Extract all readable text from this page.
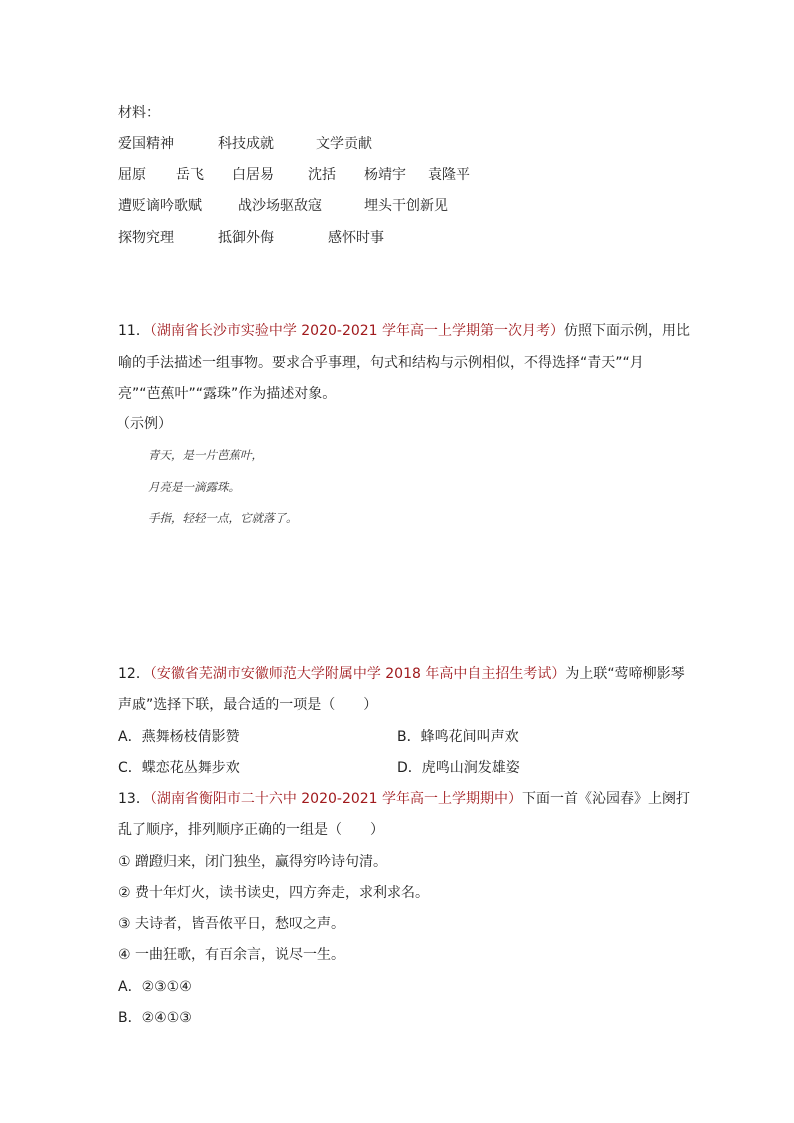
材料：
爱国精神	科技成就	文学贡献
屈原 岳飞 白居易 沈括 杨靖宇 袁隆平
遭贬谪吟歌赋	战沙场驱敌寇	埋头干创新见
探物究理	抵御外侮	感怀时事
11．（湖南省长沙市实验中学 2020-2021 学年高一上学期第一次月考）仿照下面示例，用比
喻的手法描述一组事物。要求合乎事理，句式和结构与示例相似，不得选择“青天”“月
亮”“芭蕉叶”“露珠”作为描述对象。
（示例）
青天，是一片芭蕉叶，
月亮是一滴露珠。
手指，轻轻一点，它就落了。
12．（安徽省芜湖市安徽师范大学附属中学 2018 年高中自主招生考试）为上联“莺啼柳影琴
声戚”选择下联，最合适的一项是（　　）
A．燕舞杨枝倩影赞	B．蜂鸣花间叫声欢
C．蝶恋花丛舞步欢	D．虎鸣山涧发雄姿
13．（湖南省衡阳市二十六中 2020-2021 学年高一上学期期中）下面一首《沁园春》上阕打
乱了顺序，排列顺序正确的一组是（　　）
① 蹭蹬归来，闭门独坐，赢得穷吟诗句清。
② 费十年灯火，读书读史，四方奔走，求利求名。
③ 夫诗者，皆吾侬平日，愁叹之声。
④ 一曲狂歌，有百余言，说尽一生。
A．②③①④
B．②④①③
